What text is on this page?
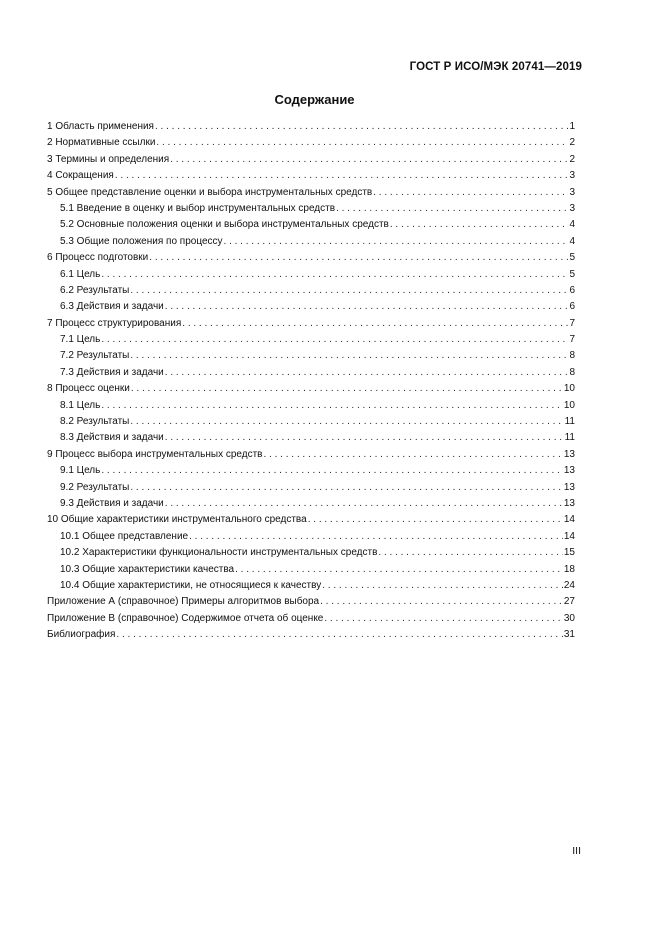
ГОСТ Р ИСО/МЭК 20741—2019
Содержание
1 Область применения . . .	1
2 Нормативные ссылки . . .	2
3 Термины и определения . . .	2
4 Сокращения . . .	3
5 Общее представление оценки и выбора инструментальных средств . . .	3
5.1 Введение в оценку и выбор инструментальных средств . . .	3
5.2 Основные положения оценки и выбора инструментальных средств . . .	4
5.3 Общие положения по процессу . . .	4
6 Процесс подготовки . . .	5
6.1 Цель . . .	5
6.2 Результаты . . .	6
6.3 Действия и задачи . . .	6
7 Процесс структурирования . . .	7
7.1 Цель . . .	7
7.2 Результаты . . .	8
7.3 Действия и задачи . . .	8
8 Процесс оценки . . .	10
8.1 Цель . . .	10
8.2 Результаты . . .	11
8.3 Действия и задачи . . .	11
9 Процесс выбора инструментальных средств . . .	13
9.1 Цель . . .	13
9.2 Результаты . . .	13
9.3 Действия и задачи . . .	13
10 Общие характеристики инструментального средства . . .	14
10.1 Общее представление . . .	14
10.2 Характеристики функциональности инструментальных средств . . .	15
10.3 Общие характеристики качества . . .	18
10.4 Общие характеристики, не относящиеся к качеству . . .	24
Приложение А (справочное) Примеры алгоритмов выбора . . .	27
Приложение В (справочное) Содержимое отчета об оценке . . .	30
Библиография . . .	31
III
